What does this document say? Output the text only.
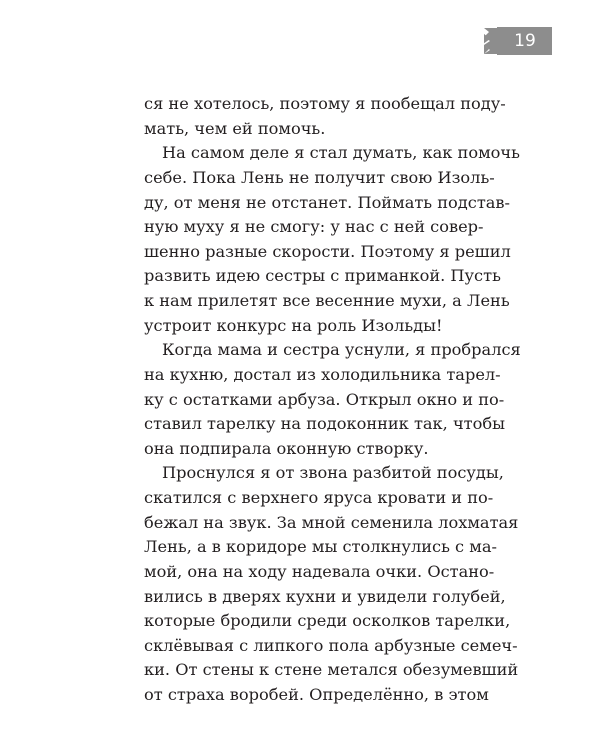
19
ся не хотелось, поэтому я пообещал поду-
мать, чем ей помочь.
На самом деле я стал думать, как помочь
себе. Пока Лень не получит свою Изоль-
ду, от меня не отстанет. Поймать подстав-
ную муху я не смогу: у нас с ней совер-
шенно разные скорости. Поэтому я решил
развить идею сестры с приманкой. Пусть
к нам прилетят все весенние мухи, а Лень
устроит конкурс на роль Изольды!
Когда мама и сестра уснули, я пробрался
на кухню, достал из холодильника тарел-
ку с остатками арбуза. Открыл окно и по-
ставил тарелку на подоконник так, чтобы
она подпирала оконную створку.
Проснулся я от звона разбитой посуды,
скатился с верхнего яруса кровати и по-
бежал на звук. За мной семенила лохматая
Лень, а в коридоре мы столкнулись с ма-
мой, она на ходу надевала очки. Остано-
вились в дверях кухни и увидели голубей,
которые бродили среди осколков тарелки,
склёвывая с липкого пола арбузные семеч-
ки. От стены к стене метался обезумевший
от страха воробей. Определённо, в этом
